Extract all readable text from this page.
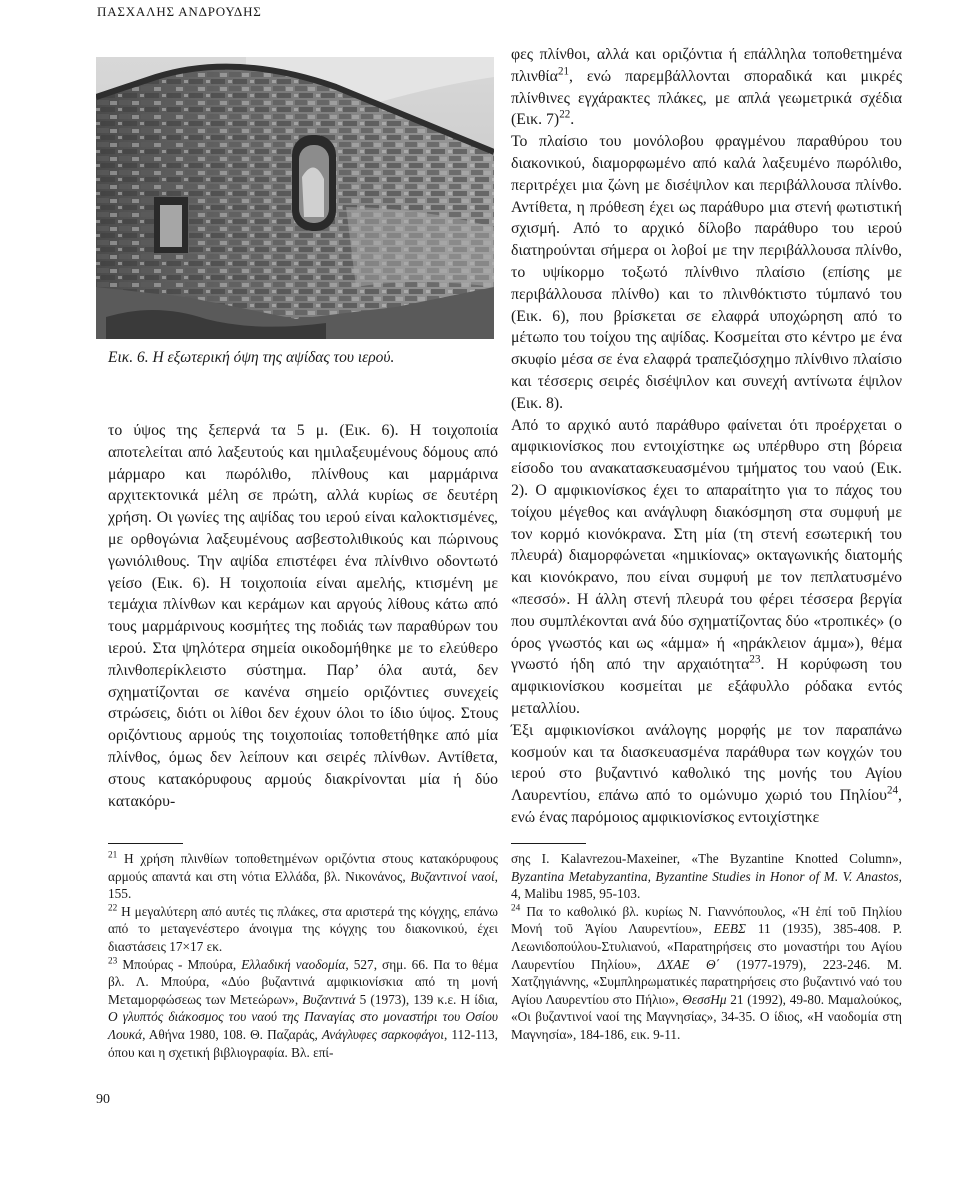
ΠΑΣΧΑΛΗΣ ΑΝΔΡΟΥΔΗΣ
Εικ. 6. Η εξωτερική όψη της αψίδας του ιερού.

το ύψος της ξεπερνά τα 5 μ. (Εικ. 6). Η τοιχοποιία αποτελείται από λαξευτούς και ημιλαξευμένους δόμους από μάρμαρο και πωρόλιθο, πλίνθους και μαρμάρινα αρχιτεκτονικά μέλη σε πρώτη, αλλά κυρίως σε δευτέρη χρήση. Οι γωνίες της αψίδας του ιερού είναι καλοκτισμένες, με ορθογώνια λαξευμένους ασβεστολιθικούς και πώρινους γωνιόλιθους. Την αψίδα επιστέφει ένα πλίνθινο οδοντωτό γείσο (Εικ. 6). Η τοιχοποιία είναι αμελής, κτισμένη με τεμάχια πλίνθων και κεράμων και αργούς λίθους κάτω από τους μαρμάρινους κοσμήτες της ποδιάς των παραθύρων του ιερού. Στα ψηλότερα σημεία οικοδομήθηκε με το ελεύθερο πλινθοπερίκλειστο σύστημα. Παρ’ όλα αυτά, δεν σχηματίζονται σε κανένα σημείο οριζόντιες συνεχείς στρώσεις, διότι οι λίθοι δεν έχουν όλοι το ίδιο ύψος. Στους οριζόντιους αρμούς της τοιχοποιίας τοποθετήθηκε από μία πλίνθος, όμως δεν λείπουν και σειρές πλίνθων. Αντίθετα, στους κατακόρυφους αρμούς διακρίνονται μία ή δύο κατακόρυ-

φες πλίνθοι, αλλά και οριζόντια ή επάλληλα τοποθετημένα πλινθία$^{21}$, ενώ παρεμβάλλονται σποραδικά και μικρές πλίνθινες εγχάρακτες πλάκες, με απλά γεωμετρικά σχέδια (Εικ. 7)$^{22}$.

Το πλαίσιο του μονόλοβου φραγμένου παραθύρου του διακονικού, διαμορφωμένο από καλά λαξευμένο πωρόλιθο, περιτρέχει μια ζώνη με δισέψιλον και περιβάλλουσα πλίνθο. Αντίθετα, η πρόθεση έχει ως παράθυρο μια στενή φωτιστική σχισμή. Από το αρχικό δίλοβο παράθυρο του ιερού διατηρούνται σήμερα οι λοβοί με την περιβάλλουσα πλίνθο, το υψίκορμο τοξωτό πλίνθινο πλαίσιο (επίσης με περιβάλλουσα πλίνθο) και το πλινθόκτιστο τύμπανό του (Εικ. 6), που βρίσκεται σε ελαφρά υποχώρηση από το μέτωπο του τοίχου της αψίδας. Κοσμείται στο κέντρο με ένα σκυφίο μέσα σε ένα ελαφρά τραπεζιόσχημο πλίνθινο πλαίσιο και τέσσερις σειρές δισέψιλον και συνεχή αντίνωτα έψιλον (Εικ. 8).

Από το αρχικό αυτό παράθυρο φαίνεται ότι προέρχεται ο αμφικιονίσκος που εντοιχίστηκε ως υπέρθυρο στη βόρεια είσοδο του ανακατασκευασμένου τμήματος του ναού (Εικ. 2). Ο αμφικιονίσκος έχει το απαραίτητο για το πάχος του τοίχου μέγεθος και ανάγλυφη διακόσμηση στα συμφυή με τον κορμό κιονόκρανα. Στη μία (τη στενή εσωτερική του πλευρά) διαμορφώνεται «ημικίονας» οκταγωνικής διατομής και κιονόκρανο, που είναι συμφυή με τον πεπλατυσμένο «πεσσό». Η άλλη στενή πλευρά του φέρει τέσσερα βεργία που συμπλέκονται ανά δύο σχηματίζοντας δύο «τροπικές» (ο όρος γνωστός και ως «άμμα» ή «ηράκλειον άμμα»), θέμα γνωστό ήδη από την αρχαιότητα$^{23}$. Η κορύφωση του αμφικιονίσκου κοσμείται με εξάφυλλο ρόδακα εντός μεταλλίου.

Έξι αμφικιονίσκοι ανάλογης μορφής με τον παραπάνω κοσμούν και τα διασκευασμένα παράθυρα των κογχών του ιερού στο βυζαντινό καθολικό της μονής του Αγίου Λαυρεντίου, επάνω από το ομώνυμο χωριό του Πηλίου$^{24}$, ενώ ένας παρόμοιος αμφικιονίσκος εντοιχίστηκε

$^{21}$ Η χρήση πλινθίων τοποθετημένων οριζόντια στους κατακόρυφους αρμούς απαντά και στη νότια Ελλάδα, βλ. Νικονάνος, Βυζαντινοί ναοί, 155.

$^{22}$ Η μεγαλύτερη από αυτές τις πλάκες, στα αριστερά της κόγχης, επάνω από το μεταγενέστερο άνοιγμα της κόγχης του διακονικού, έχει διαστάσεις 17×17 εκ.

$^{23}$ Μπούρας - Μπούρα, Ελλαδική ναοδομία, 527, σημ. 66. Πα το θέμα βλ. Λ. Μπούρα, «Δύο βυζαντινά αμφικιονίσκια από τη μονή Μεταμορφώσεως των Μετεώρων», Βυζαντινά 5 (1973), 139 κ.ε. Η ίδια, Ο γλυπτός διάκοσμος του ναού της Παναγίας στο μοναστήρι του Οσίου Λουκά, Αθήνα 1980, 108. Θ. Παζαράς, Ανάγλυφες σαρκοφάγοι, 112-113, όπου και η σχετική βιβλιογραφία. Βλ. επί-

σης I. Kalavrezou-Maxeiner, «The Byzantine Knotted Column», Byzantina Metabyzantina, Byzantine Studies in Honor of M. V. Anastos, 4, Malibu 1985, 95-103.

$^{24}$ Πα το καθολικό βλ. κυρίως Ν. Γιαννόπουλος, «Ἡ ἐπί τοῦ Πηλίου Μονή τοῦ Ἁγίου Λαυρεντίου», ΕΕΒΣ 11 (1935), 385-408. Ρ. Λεωνιδοπούλου-Στυλιανού, «Παρατηρήσεις στο μοναστήρι του Αγίου Λαυρεντίου Πηλίου», ΔΧΑΕ Θ΄ (1977-1979), 223-246. Μ. Χατζηγιάννης, «Συμπληρωματικές παρατηρήσεις στο βυζαντινό ναό του Αγίου Λαυρεντίου στο Πήλιο», ΘεσσΗμ 21 (1992), 49-80. Μαμαλούκος, «Οι βυζαντινοί ναοί της Μαγνησίας», 34-35. Ο ίδιος, «Η ναοδομία στη Μαγνησία», 184-186, εικ. 9-11.

90
